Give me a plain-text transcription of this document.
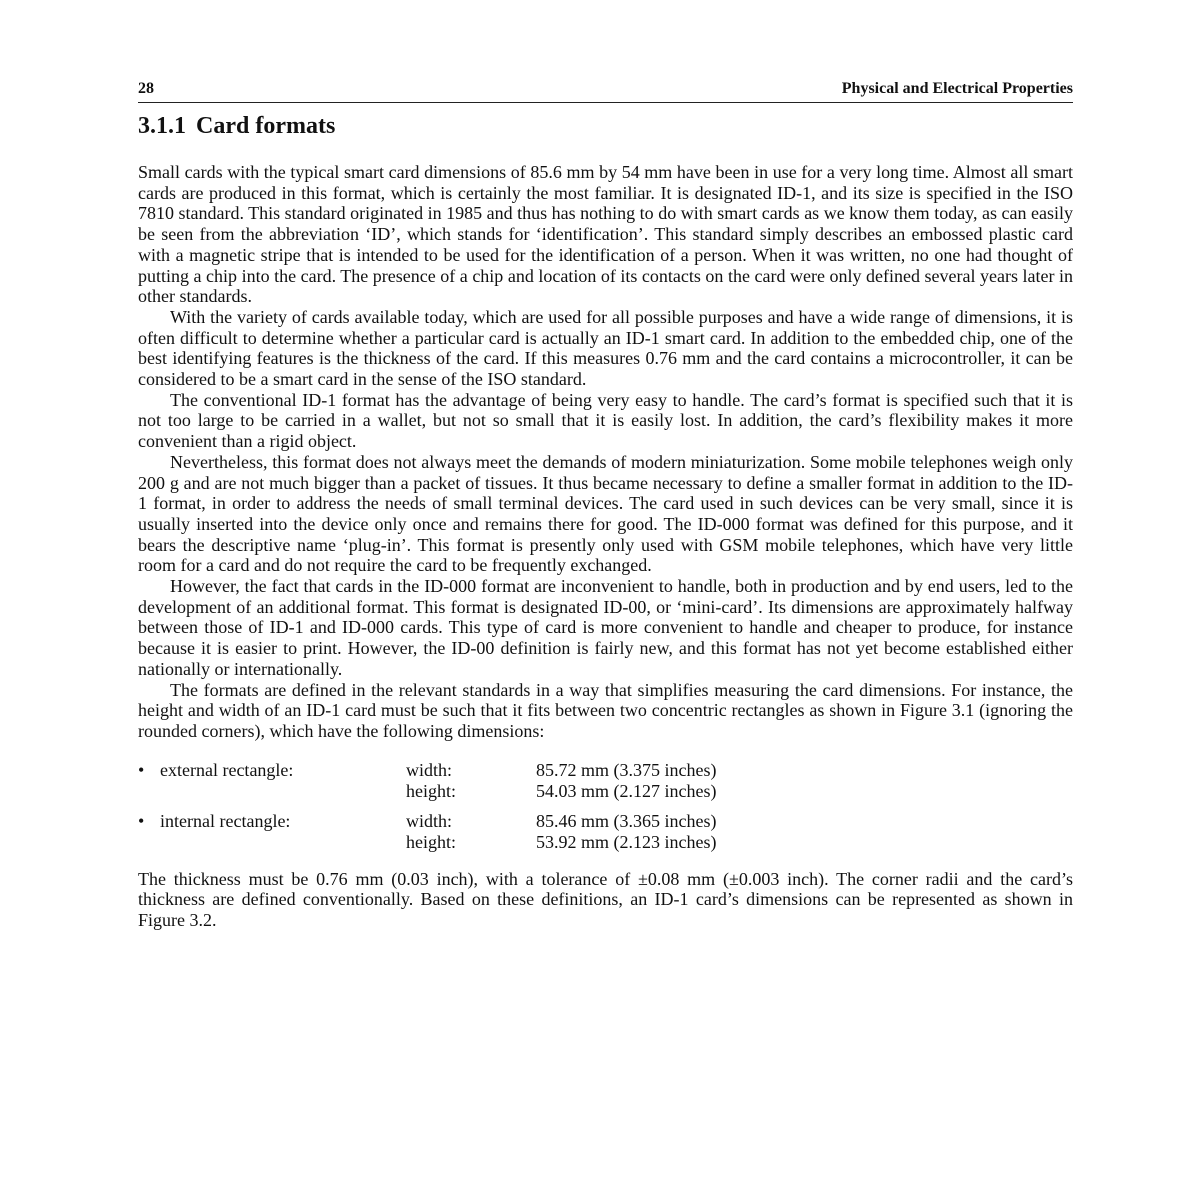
28	Physical and Electrical Properties
3.1.1 Card formats

Small cards with the typical smart card dimensions of 85.6 mm by 54 mm have been in use for a very long time. Almost all smart cards are produced in this format, which is certainly the most familiar. It is designated ID-1, and its size is specified in the ISO 7810 standard. This standard originated in 1985 and thus has nothing to do with smart cards as we know them today, as can easily be seen from the abbreviation ‘ID’, which stands for ‘identification’. This standard simply describes an embossed plastic card with a magnetic stripe that is intended to be used for the identification of a person. When it was written, no one had thought of putting a chip into the card. The presence of a chip and location of its contacts on the card were only defined several years later in other standards.

With the variety of cards available today, which are used for all possible purposes and have a wide range of dimensions, it is often difficult to determine whether a particular card is actually an ID-1 smart card. In addition to the embedded chip, one of the best identifying features is the thickness of the card. If this measures 0.76 mm and the card contains a microcontroller, it can be considered to be a smart card in the sense of the ISO standard.

The conventional ID-1 format has the advantage of being very easy to handle. The card’s format is specified such that it is not too large to be carried in a wallet, but not so small that it is easily lost. In addition, the card’s flexibility makes it more convenient than a rigid object.

Nevertheless, this format does not always meet the demands of modern miniaturization. Some mobile telephones weigh only 200 g and are not much bigger than a packet of tissues. It thus became necessary to define a smaller format in addition to the ID-1 format, in order to address the needs of small terminal devices. The card used in such devices can be very small, since it is usually inserted into the device only once and remains there for good. The ID-000 format was defined for this purpose, and it bears the descriptive name ‘plug-in’. This format is presently only used with GSM mobile telephones, which have very little room for a card and do not require the card to be frequently exchanged.

However, the fact that cards in the ID-000 format are inconvenient to handle, both in production and by end users, led to the development of an additional format. This format is designated ID-00, or ‘mini-card’. Its dimensions are approximately halfway between those of ID-1 and ID-000 cards. This type of card is more convenient to handle and cheaper to produce, for instance because it is easier to print. However, the ID-00 definition is fairly new, and this format has not yet become established either nationally or internationally.

The formats are defined in the relevant standards in a way that simplifies measuring the card dimensions. For instance, the height and width of an ID-1 card must be such that it fits between two concentric rectangles as shown in Figure 3.1 (ignoring the rounded corners), which have the following dimensions:

• external rectangle:	width:	85.72 mm (3.375 inches)
height:	54.03 mm (2.127 inches)
• internal rectangle:	width:	85.46 mm (3.365 inches)
height:	53.92 mm (2.123 inches)

The thickness must be 0.76 mm (0.03 inch), with a tolerance of ±0.08 mm (±0.003 inch). The corner radii and the card’s thickness are defined conventionally. Based on these definitions, an ID-1 card’s dimensions can be represented as shown in Figure 3.2.
